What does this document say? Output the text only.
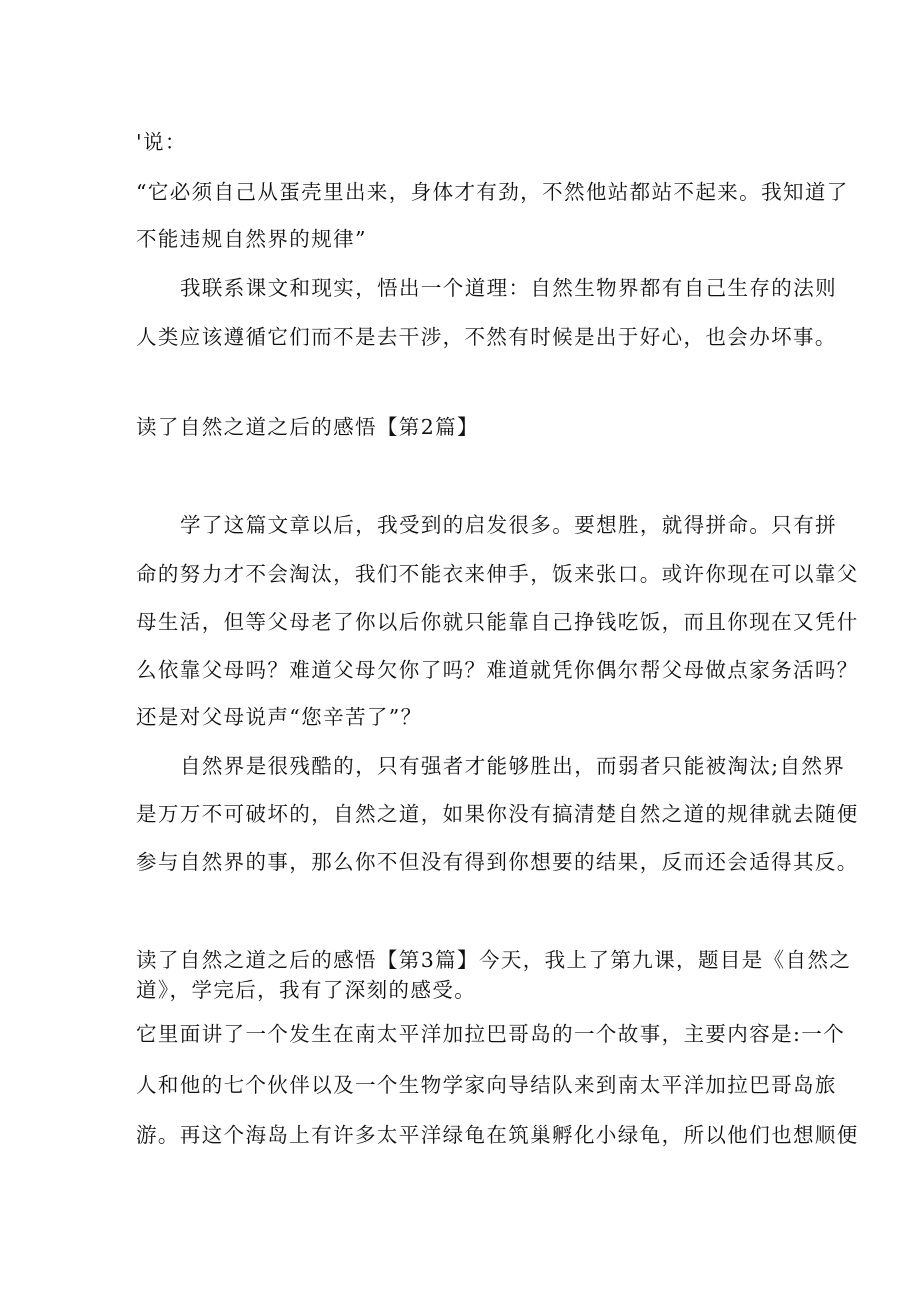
'说：
“它必须自己从蛋壳里出来，身体才有劲，不然他站都站不起来。我知道了
不能违规自然界的规律”
我联系课文和现实，悟出一个道理：自然生物界都有自己生存的法则
人类应该遵循它们而不是去干涉，不然有时候是出于好心，也会办坏事。
读了自然之道之后的感悟【第2篇】
学了这篇文章以后，我受到的启发很多。要想胜，就得拼命。只有拼
命的努力才不会淘汰，我们不能衣来伸手，饭来张口。或许你现在可以靠父
母生活，但等父母老了你以后你就只能靠自己挣钱吃饭，而且你现在又凭什
么依靠父母吗？难道父母欠你了吗？难道就凭你偶尔帮父母做点家务活吗？
还是对父母说声“您辛苦了”？
自然界是很残酷的，只有强者才能够胜出，而弱者只能被淘汰;自然界
是万万不可破坏的，自然之道，如果你没有搞清楚自然之道的规律就去随便
参与自然界的事，那么你不但没有得到你想要的结果，反而还会适得其反。
读了自然之道之后的感悟【第3篇】今天，我上了第九课，题目是《自然之
道》，学完后，我有了深刻的感受。
它里面讲了一个发生在南太平洋加拉巴哥岛的一个故事，主要内容是:一个
人和他的七个伙伴以及一个生物学家向导结队来到南太平洋加拉巴哥岛旅
游。再这个海岛上有许多太平洋绿龟在筑巢孵化小绿龟，所以他们也想顺便
